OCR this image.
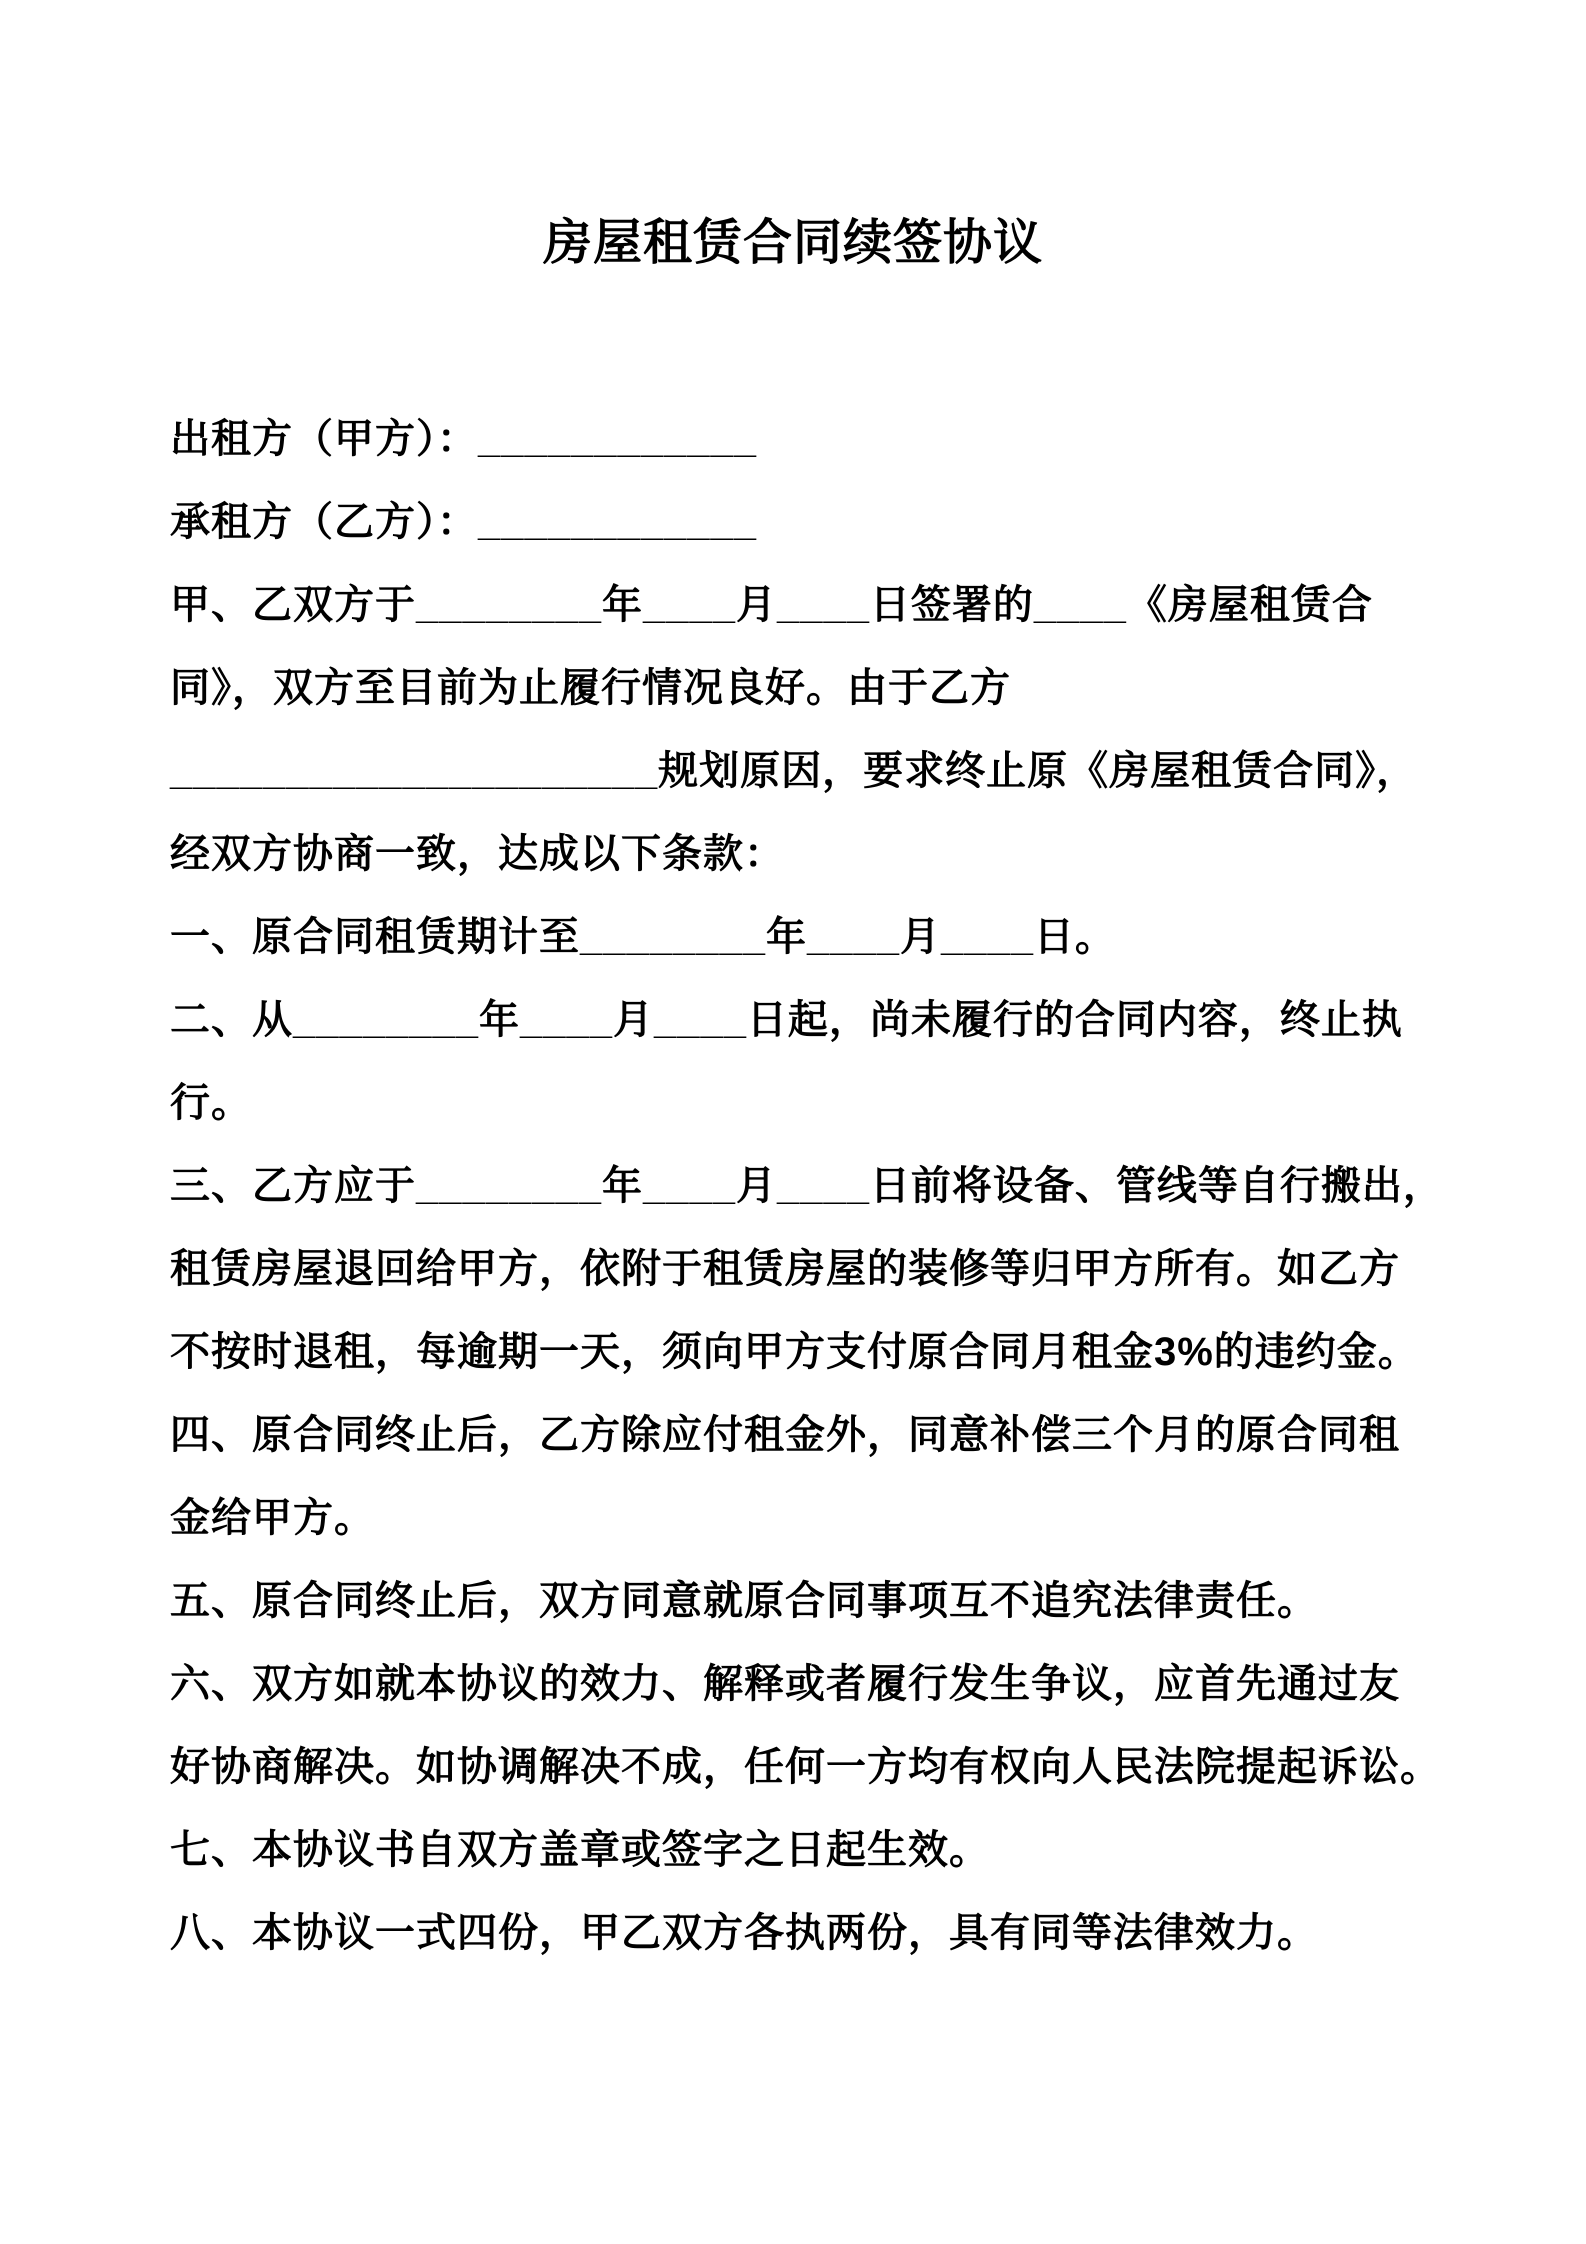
房屋租赁合同续签协议
出租方（甲方）：____________
承租方（乙方）：____________
甲、乙双方于________年____月____日签署的____《房屋租赁合
同》，双方至目前为止履行情况良好。由于乙方
_____________________规划原因，要求终止原《房屋租赁合同》，
经双方协商一致，达成以下条款：
一、原合同租赁期计至________年____月____日。
二、从________年____月____日起，尚未履行的合同内容，终止执
行。
三、乙方应于________年____月____日前将设备、管线等自行搬出，
租赁房屋退回给甲方，依附于租赁房屋的装修等归甲方所有。如乙方
不按时退租，每逾期一天，须向甲方支付原合同月租金3%的违约金。
四、原合同终止后，乙方除应付租金外，同意补偿三个月的原合同租
金给甲方。
五、原合同终止后，双方同意就原合同事项互不追究法律责任。
六、双方如就本协议的效力、解释或者履行发生争议，应首先通过友
好协商解决。如协调解决不成，任何一方均有权向人民法院提起诉讼。
七、本协议书自双方盖章或签字之日起生效。
八、本协议一式四份，甲乙双方各执两份，具有同等法律效力。
